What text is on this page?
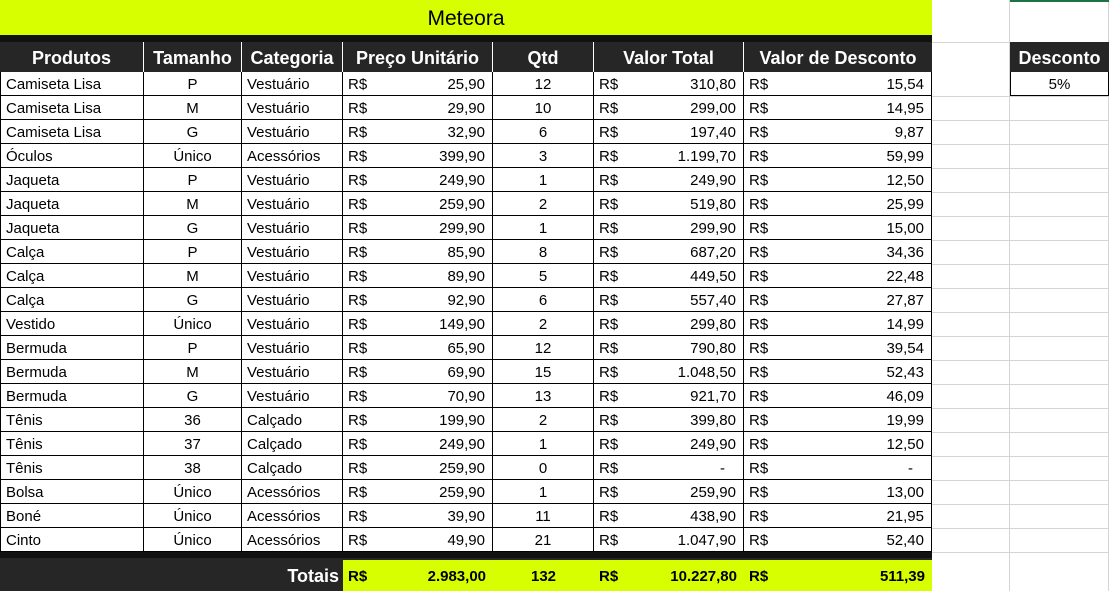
Meteora
Produtos	Tamanho	Categoria	Preço Unitário	Qtd	Valor Total	Valor de Desconto
Camiseta Lisa	P	Vestuário	R$	25,90	12	R$	310,80 R$	15,54
Camiseta Lisa	M	Vestuário	R$	29,90	10	R$	299,00 R$	14,95
Camiseta Lisa	G	Vestuário	R$	32,90	6	R$	197,40 R$	9,87
Óculos	Único	Acessórios	R$	399,90	3	R$	1.199,70 R$	59,99
Jaqueta	P	Vestuário	R$	249,90	1	R$	249,90 R$	12,50
Jaqueta	M	Vestuário	R$	259,90	2	R$	519,80 R$	25,99
Jaqueta	G	Vestuário	R$	299,90	1	R$	299,90 R$	15,00
Calça	P	Vestuário	R$	85,90	8	R$	687,20 R$	34,36
Calça	M	Vestuário	R$	89,90	5	R$	449,50 R$	22,48
Calça	G	Vestuário	R$	92,90	6	R$	557,40 R$	27,87
Vestido	Único	Vestuário	R$	149,90	2	R$	299,80 R$	14,99
Bermuda	P	Vestuário	R$	65,90	12	R$	790,80 R$	39,54
Bermuda	M	Vestuário	R$	69,90	15	R$	1.048,50 R$	52,43
Bermuda	G	Vestuário	R$	70,90	13	R$	921,70 R$	46,09
Tênis	36	Calçado	R$	199,90	2	R$	399,80 R$	19,99
Tênis	37	Calçado	R$	249,90	1	R$	249,90 R$	12,50
Tênis	38	Calçado	R$	259,90	0	R$	- R$	-
Bolsa	Único	Acessórios	R$	259,90	1	R$	259,90 R$	13,00
Boné	Único	Acessórios	R$	39,90	11	R$	438,90 R$	21,95
Cinto	Único	Acessórios	R$	49,90	21	R$	1.047,90 R$	52,40
Totais R$	2.983,00	132	R$	10.227,80 R$	511,39
Desconto
5%
